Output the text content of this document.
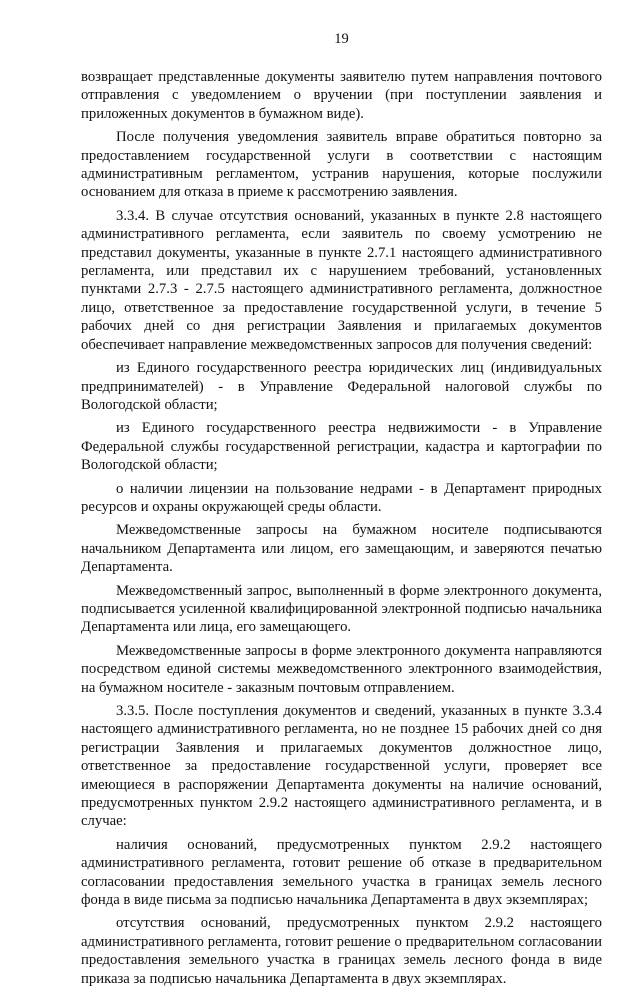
19

возвращает представленные документы заявителю путем направления почтового отправления с уведомлением о вручении (при поступлении заявления и приложенных документов в бумажном виде).

После получения уведомления заявитель вправе обратиться повторно за предоставлением государственной услуги в соответствии с настоящим административным регламентом, устранив нарушения, которые послужили основанием для отказа в приеме к рассмотрению заявления.

3.3.4. В случае отсутствия оснований, указанных в пункте 2.8 настоящего административного регламента, если заявитель по своему усмотрению не представил документы, указанные в пункте 2.7.1 настоящего административного регламента, или представил их с нарушением требований, установленных пунктами 2.7.3 - 2.7.5 настоящего административного регламента, должностное лицо, ответственное за предоставление государственной услуги, в течение 5 рабочих дней со дня регистрации Заявления и прилагаемых документов обеспечивает направление межведомственных запросов для получения сведений:

из Единого государственного реестра юридических лиц (индивидуальных предпринимателей) - в Управление Федеральной налоговой службы по Вологодской области;

из Единого государственного реестра недвижимости - в Управление Федеральной службы государственной регистрации, кадастра и картографии по Вологодской области;

о наличии лицензии на пользование недрами - в Департамент природных ресурсов и охраны окружающей среды области.

Межведомственные запросы на бумажном носителе подписываются начальником Департамента или лицом, его замещающим, и заверяются печатью Департамента.

Межведомственный запрос, выполненный в форме электронного документа, подписывается усиленной квалифицированной электронной подписью начальника Департамента или лица, его замещающего.

Межведомственные запросы в форме электронного документа направляются посредством единой системы межведомственного электронного взаимодействия, на бумажном носителе - заказным почтовым отправлением.

3.3.5. После поступления документов и сведений, указанных в пункте 3.3.4 настоящего административного регламента, но не позднее 15 рабочих дней со дня регистрации Заявления и прилагаемых документов должностное лицо, ответственное за предоставление государственной услуги, проверяет все имеющиеся в распоряжении Департамента документы на наличие оснований, предусмотренных пунктом 2.9.2 настоящего административного регламента, и в случае:

наличия оснований, предусмотренных пунктом 2.9.2 настоящего административного регламента, готовит решение об отказе в предварительном согласовании предоставления земельного участка в границах земель лесного фонда в виде письма за подписью начальника Департамента в двух экземплярах;

отсутствия оснований, предусмотренных пунктом 2.9.2 настоящего административного регламента, готовит решение о предварительном согласовании предоставления земельного участка в границах земель лесного фонда в виде приказа за подписью начальника Департамента в двух экземплярах.
